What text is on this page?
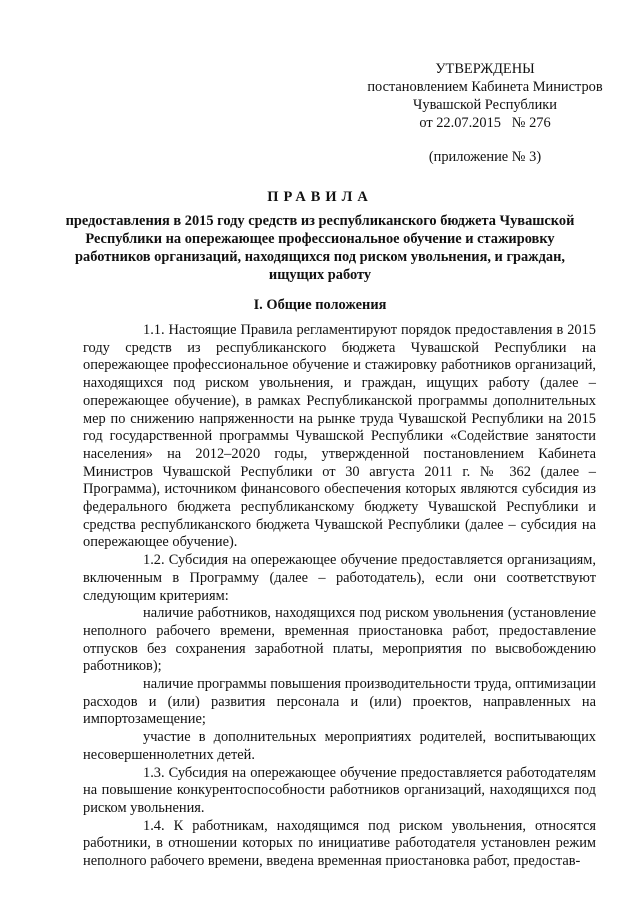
УТВЕРЖДЕНЫ
постановлением Кабинета Министров
Чувашской Республики
от 22.07.2015   № 276
(приложение № 3)
ПРАВИЛА
предоставления в 2015 году средств из республиканского бюджета Чувашской Республики на опережающее профессиональное обучение и стажировку работников организаций, находящихся под риском увольнения, и граждан, ищущих работу
I. Общие положения

1.1. Настоящие Правила регламентируют порядок предоставления в 2015 году средств из республиканского бюджета Чувашской Республики на опережающее профессиональное обучение и стажировку работников организаций, находящихся под риском увольнения, и граждан, ищущих работу (далее – опережающее обучение), в рамках Республиканской программы дополнительных мер по снижению напряженности на рынке труда Чувашской Республики на 2015 год государственной программы Чувашской Республики «Содействие занятости населения» на 2012–2020 годы, утвержденной постановлением Кабинета Министров Чувашской Республики от 30 августа 2011 г. № 362 (далее – Программа), источником финансового обеспечения которых являются субсидия из федерального бюджета республиканскому бюджету Чувашской Республики и средства республиканского бюджета Чувашской Республики (далее – субсидия на опережающее обучение).

1.2. Субсидия на опережающее обучение предоставляется организациям, включенным в Программу (далее – работодатель), если они соответствуют следующим критериям:

наличие работников, находящихся под риском увольнения (установление неполного рабочего времени, временная приостановка работ, предоставление отпусков без сохранения заработной платы, мероприятия по высвобождению работников);

наличие программы повышения производительности труда, оптимизации расходов и (или) развития персонала и (или) проектов, направленных на импортозамещение;

участие в дополнительных мероприятиях родителей, воспитывающих несовершеннолетних детей.

1.3. Субсидия на опережающее обучение предоставляется работодателям на повышение конкурентоспособности работников организаций, находящихся под риском увольнения.

1.4. К работникам, находящимся под риском увольнения, относятся работники, в отношении которых по инициативе работодателя установлен режим неполного рабочего времени, введена временная приостановка работ, предостав-
